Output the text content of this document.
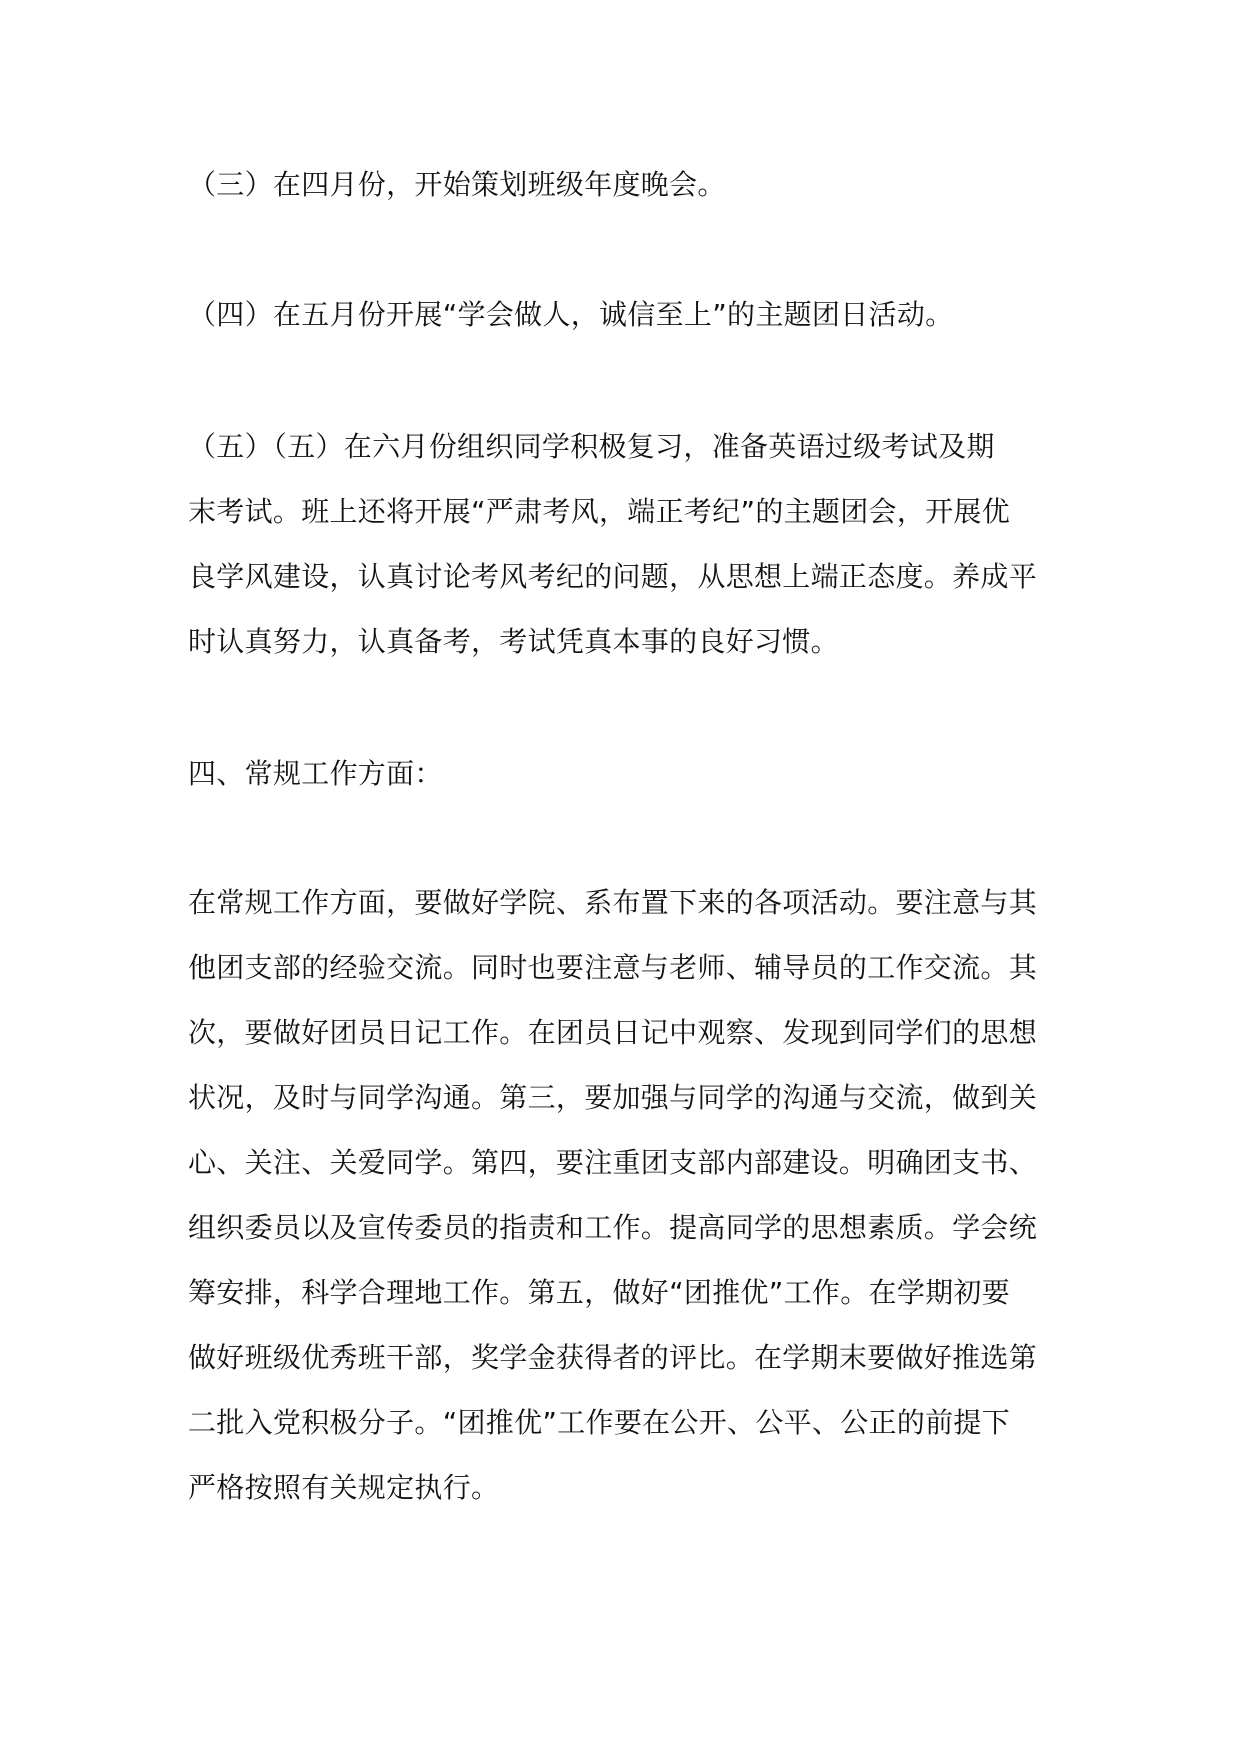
（三）在四月份，开始策划班级年度晚会。

（四）在五月份开展“学会做人，诚信至上”的主题团日活动。

（五）（五）在六月份组织同学积极复习，准备英语过级考试及期
末考试。班上还将开展“严肃考风，端正考纪”的主题团会，开展优
良学风建设，认真讨论考风考纪的问题，从思想上端正态度。养成平
时认真努力，认真备考，考试凭真本事的良好习惯。

四、常规工作方面：

在常规工作方面，要做好学院、系布置下来的各项活动。要注意与其
他团支部的经验交流。同时也要注意与老师、辅导员的工作交流。其
次，要做好团员日记工作。在团员日记中观察、发现到同学们的思想
状况，及时与同学沟通。第三，要加强与同学的沟通与交流，做到关
心、关注、关爱同学。第四，要注重团支部内部建设。明确团支书、
组织委员以及宣传委员的指责和工作。提高同学的思想素质。学会统
筹安排，科学合理地工作。第五，做好“团推优”工作。在学期初要
做好班级优秀班干部，奖学金获得者的评比。在学期末要做好推选第
二批入党积极分子。“团推优”工作要在公开、公平、公正的前提下
严格按照有关规定执行。
